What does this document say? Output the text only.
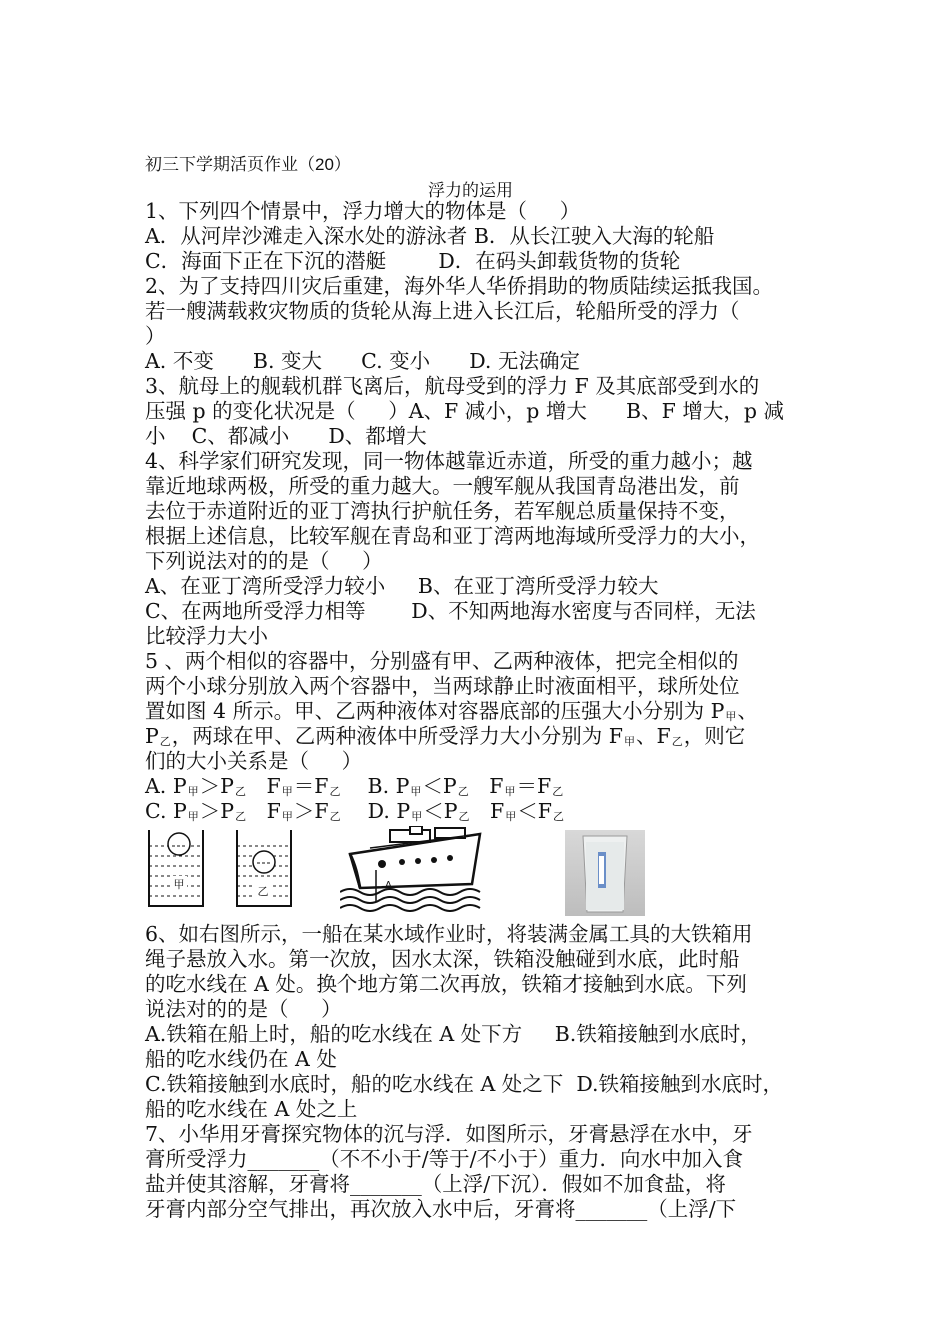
初三下学期活页作业（20）
浮力的运用
1、下列四个情景中，浮力增大的物体是（     ）
A．从河岸沙滩走入深水处的游泳者 B．从长江驶入大海的轮船
C．海面下正在下沉的潜艇        D．在码头卸载货物的货轮
2、为了支持四川灾后重建，海外华人华侨捐助的物质陆续运抵我国。
若一艘满载救灾物质的货轮从海上进入长江后，轮船所受的浮力（
）
A. 不变      B. 变大      C. 变小      D. 无法确定
3、航母上的舰载机群飞离后，航母受到的浮力 F 及其底部受到水的
压强 p 的变化状况是（     ）A、F 减小，p 增大      B、F 增大，p 减
小    C、都减小      D、都增大
4、科学家们研究发现，同一物体越靠近赤道，所受的重力越小；越
靠近地球两极，所受的重力越大。一艘军舰从我国青岛港出发，前
去位于赤道附近的亚丁湾执行护航任务，若军舰总质量保持不变，
根据上述信息，比较军舰在青岛和亚丁湾两地海域所受浮力的大小，
下列说法对的的是（     ）
A、在亚丁湾所受浮力较小     B、在亚丁湾所受浮力较大
C、在两地所受浮力相等       D、不知两地海水密度与否同样，无法
比较浮力大小
5 、两个相似的容器中，分别盛有甲、乙两种液体，把完全相似的
两个小球分别放入两个容器中，当两球静止时液面相平，球所处位
置如图 4 所示。甲、乙两种液体对容器底部的压强大小分别为 P甲、
P乙，两球在甲、乙两种液体中所受浮力大小分别为 F甲、F乙，则它
们的大小关系是（     ）
A. P甲＞P乙   F甲＝F乙    B. P甲＜P乙   F甲＝F乙
C. P甲＞P乙   F甲＞F乙    D. P甲＜P乙   F甲＜F乙
甲
乙	A
6、如右图所示，一船在某水域作业时，将装满金属工具的大铁箱用
绳子悬放入水。第一次放，因水太深，铁箱没触碰到水底，此时船
的吃水线在 A 处。换个地方第二次再放，铁箱才接触到水底。下列
说法对的的是（     ）
A.铁箱在船上时，船的吃水线在 A 处下方     B.铁箱接触到水底时，
船的吃水线仍在 A 处
C.铁箱接触到水底时，船的吃水线在 A 处之下  D.铁箱接触到水底时，
船的吃水线在 A 处之上
7、小华用牙膏探究物体的沉与浮．如图所示，牙膏悬浮在水中，牙
膏所受浮力_______（不不小于/等于/不小于）重力．向水中加入食
盐并使其溶解，牙膏将_______（上浮/下沉）．假如不加食盐，将
牙膏内部分空气排出，再次放入水中后，牙膏将_______（上浮/下
